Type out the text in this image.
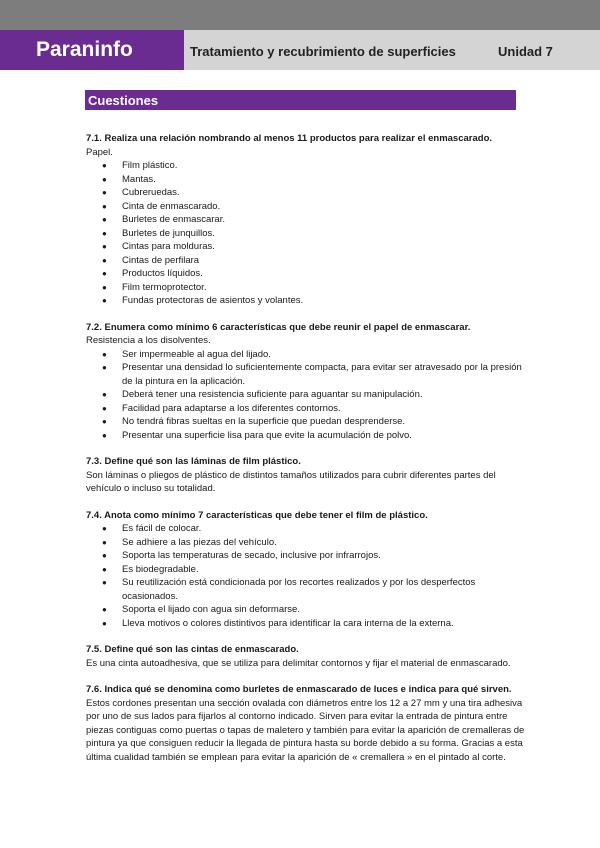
Paraninfo	Tratamiento y recubrimiento de superficies	Unidad 7
Cuestiones

7.1. Realiza una relación nombrando al menos 11 productos para realizar el enmascarado.

Papel.

● Film plástico.
● Mantas.
● Cubreruedas.
● Cinta de enmascarado.
● Burletes de enmascarar.
● Burletes de junquillos.
● Cintas para molduras.
● Cintas de perfilara
● Productos líquidos.
● Film termoprotector.
● Fundas protectoras de asientos y volantes.

7.2. Enumera como mínimo 6 características que debe reunir el papel de enmascarar.

Resistencia a los disolventes.

● Ser impermeable al agua del lijado.
● Presentar una densidad lo suficientemente compacta, para evitar ser atravesado por la presión de la pintura en la aplicación.
● Deberá tener una resistencia suficiente para aguantar su manipulación.
● Facilidad para adaptarse a los diferentes contornos.
● No tendrá fibras sueltas en la superficie que puedan desprenderse.
● Presentar una superficie lisa para que evite la acumulación de polvo.

7.3. Define qué son las láminas de film plástico.

Son láminas o pliegos de plástico de distintos tamaños utilizados para cubrir diferentes partes del vehículo o incluso su totalidad.

7.4. Anota como mínimo 7 características que debe tener el film de plástico.

● Es fácil de colocar.
● Se adhiere a las piezas del vehículo.
● Soporta las temperaturas de secado, inclusive por infrarrojos.
● Es biodegradable.
● Su reutilización está condicionada por los recortes realizados y por los desperfectos ocasionados.
● Soporta el lijado con agua sin deformarse.
● Lleva motivos o colores distintivos para identificar la cara interna de la externa.

7.5. Define qué son las cintas de enmascarado.

Es una cinta autoadhesiva, que se utiliza para delimitar contornos y fijar el material de enmascarado.

7.6. Indica qué se denomina como burletes de enmascarado de luces e indica para qué sirven.

Estos cordones presentan una sección ovalada con diámetros entre los 12 a 27 mm y una tira adhesiva por uno de sus lados para fijarlos al contorno indicado. Sirven para evitar la entrada de pintura entre piezas contiguas como puertas o tapas de maletero y también para evitar la aparición de cremalleras de pintura ya que consiguen reducir la llegada de pintura hasta su borde debido a su forma. Gracias a esta última cualidad también se emplean para evitar la aparición de « cremallera » en el pintado al corte.
